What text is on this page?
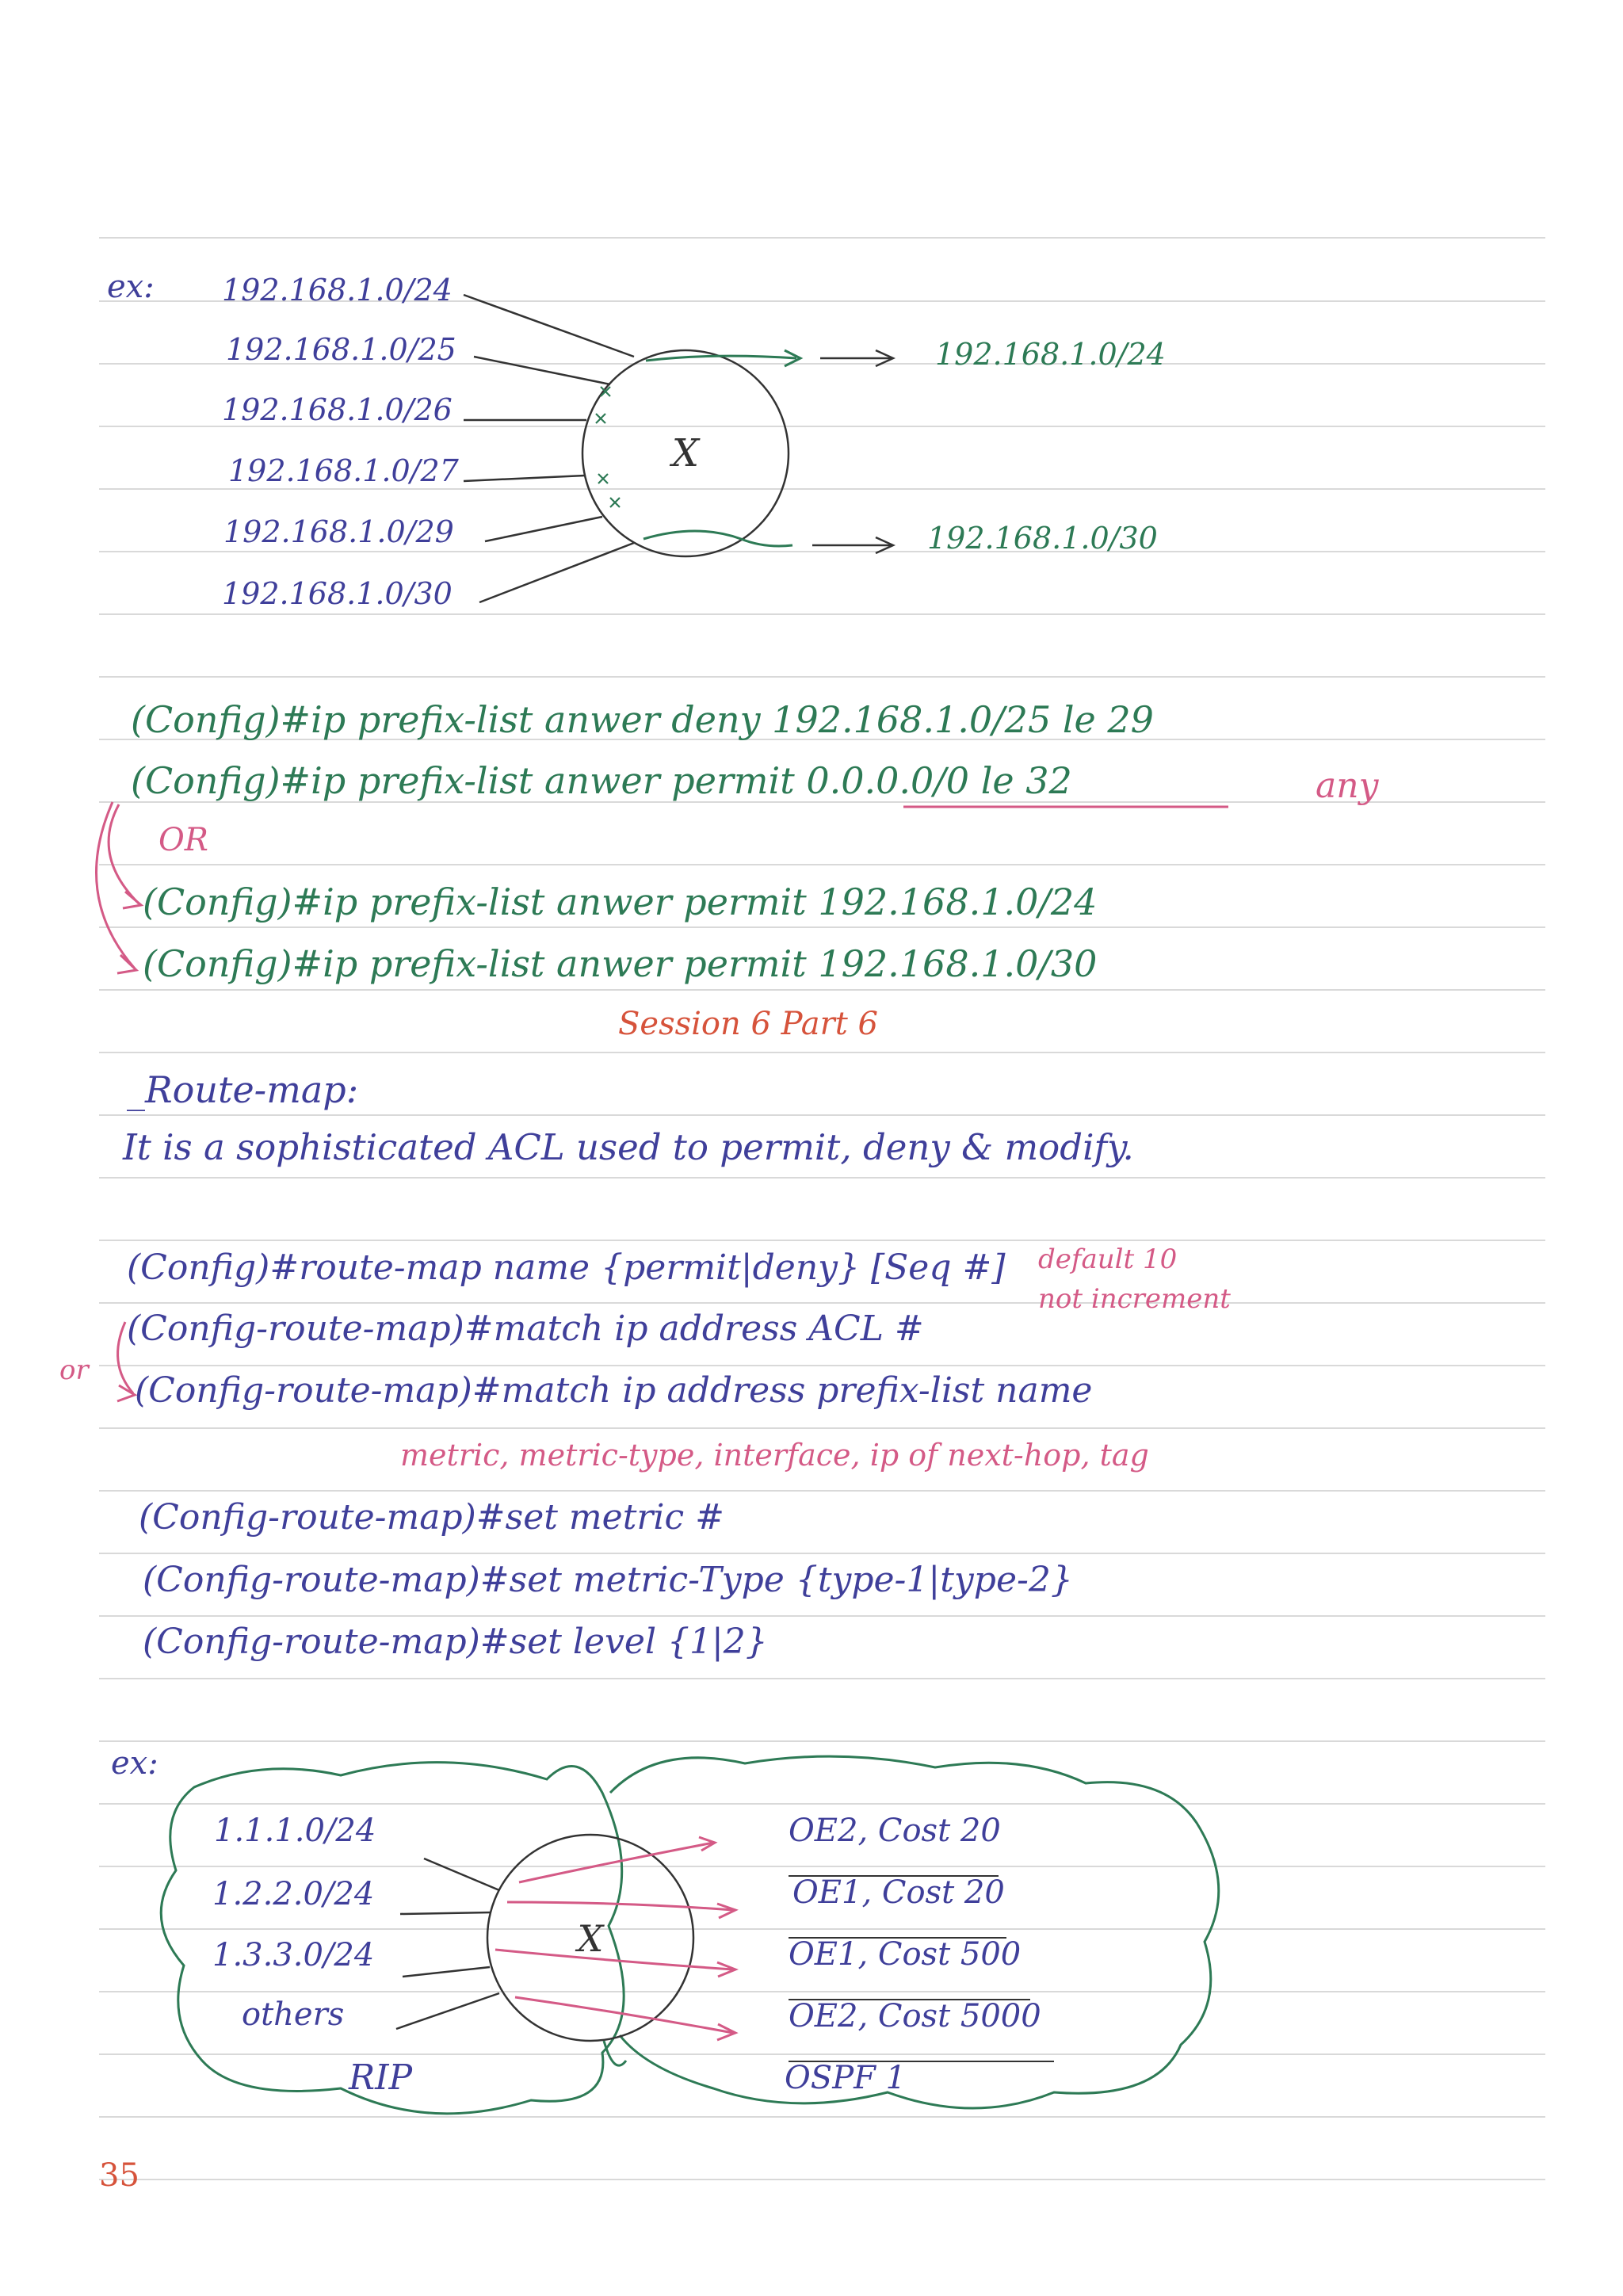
ex: 192.168.1.0/24
192.168.1.0/25
192.168.1.0/26
192.168.1.0/27
192.168.1.0/29
192.168.1.0/30
X
192.168.1.0/24
192.168.1.0/30
(Config)#ip prefix-list anwer deny 192.168.1.0/25 le 29
(Config)#ip prefix-list anwer permit 0.0.0.0/0 le 32	any
OR
(Config)#ip prefix-list anwer permit 192.168.1.0/24
(Config)#ip prefix-list anwer permit 192.168.1.0/30
Session 6 Part 6
_Route-map:
It is a sophisticated ACL used to permit, deny & modify.
(Config)#route-map name {permit|deny} [Seq #] default 10
not increment
(Config-route-map)#match ip address ACL #
or (Config-route-map)#match ip address prefix-list name
metric, metric-type, interface, ip of next-hop, tag
(Config-route-map)#set metric #
(Config-route-map)#set metric-Type {type-1|type-2}
(Config-route-map)#set level {1|2}
ex:
X
1.1.1.0/24
1.2.2.0/24
1.3.3.0/24
others
RIP
OE2, Cost 20
OE1, Cost 20
OE1, Cost 500
OE2, Cost 5000
OSPF 1
35
